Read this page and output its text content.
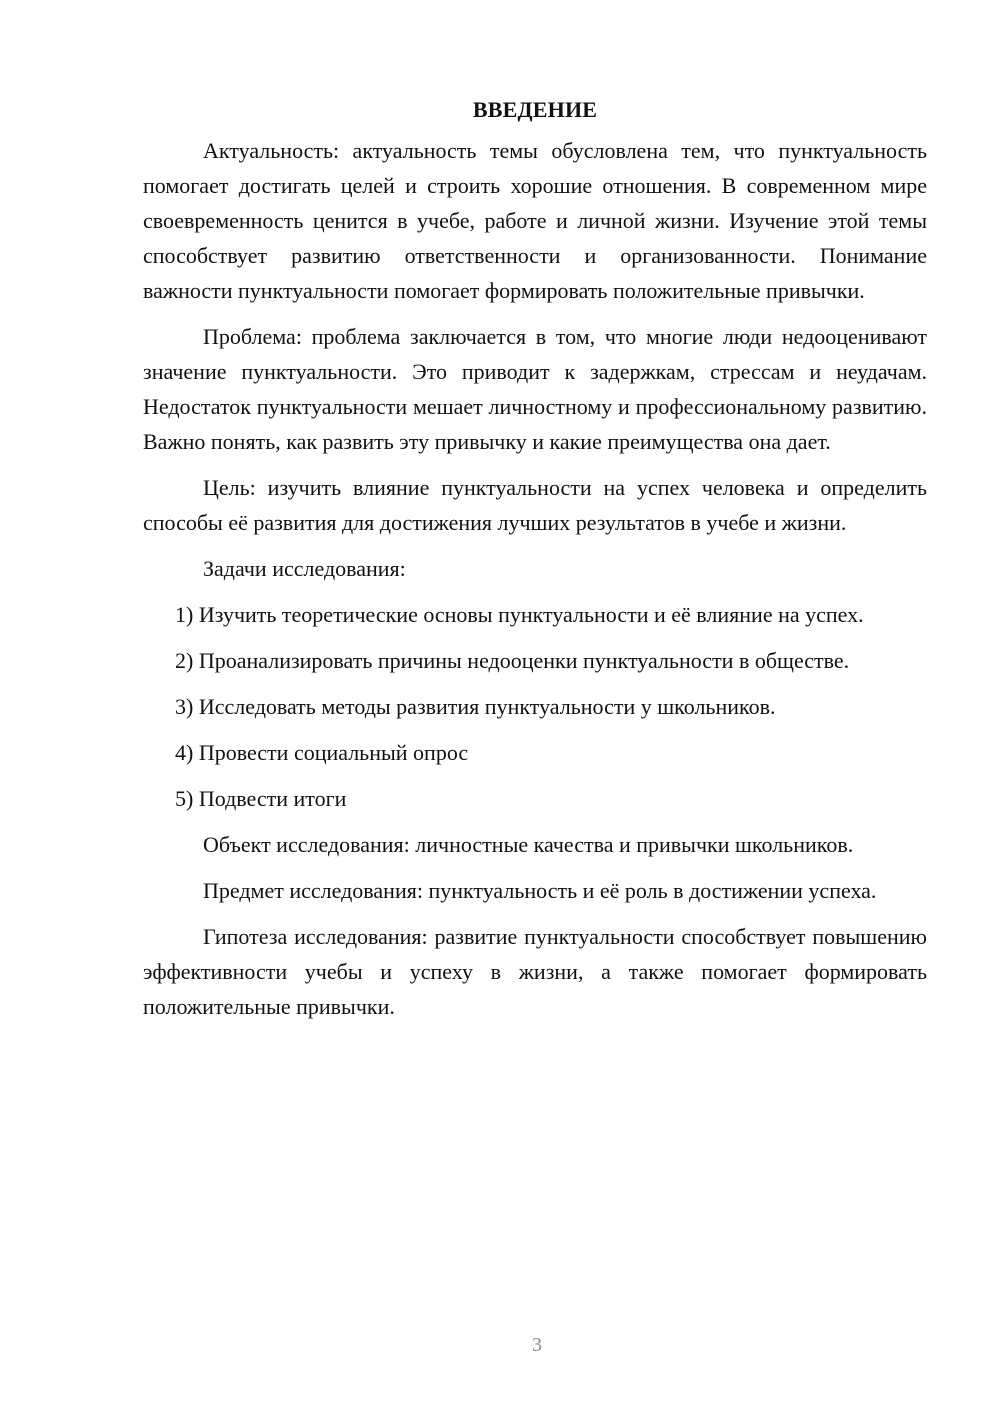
ВВЕДЕНИЕ

Актуальность: актуальность темы обусловлена тем, что пунктуальность помогает достигать целей и строить хорошие отношения. В современном мире своевременность ценится в учебе, работе и личной жизни. Изучение этой темы способствует развитию ответственности и организованности. Понимание важности пунктуальности помогает формировать положительные привычки.

Проблема: проблема заключается в том, что многие люди недооценивают значение пунктуальности. Это приводит к задержкам, стрессам и неудачам. Недостаток пунктуальности мешает личностному и профессиональному развитию. Важно понять, как развить эту привычку и какие преимущества она дает.

Цель: изучить влияние пунктуальности на успех человека и определить способы её развития для достижения лучших результатов в учебе и жизни.

Задачи исследования:

1) Изучить теоретические основы пунктуальности и её влияние на успех.

2) Проанализировать причины недооценки пунктуальности в обществе.

3) Исследовать методы развития пунктуальности у школьников.

4) Провести социальный опрос

5) Подвести итоги

Объект исследования: личностные качества и привычки школьников.

Предмет исследования: пунктуальность и её роль в достижении успеха.

Гипотеза исследования: развитие пунктуальности способствует повышению эффективности учебы и успеху в жизни, а также помогает формировать положительные привычки.

3
